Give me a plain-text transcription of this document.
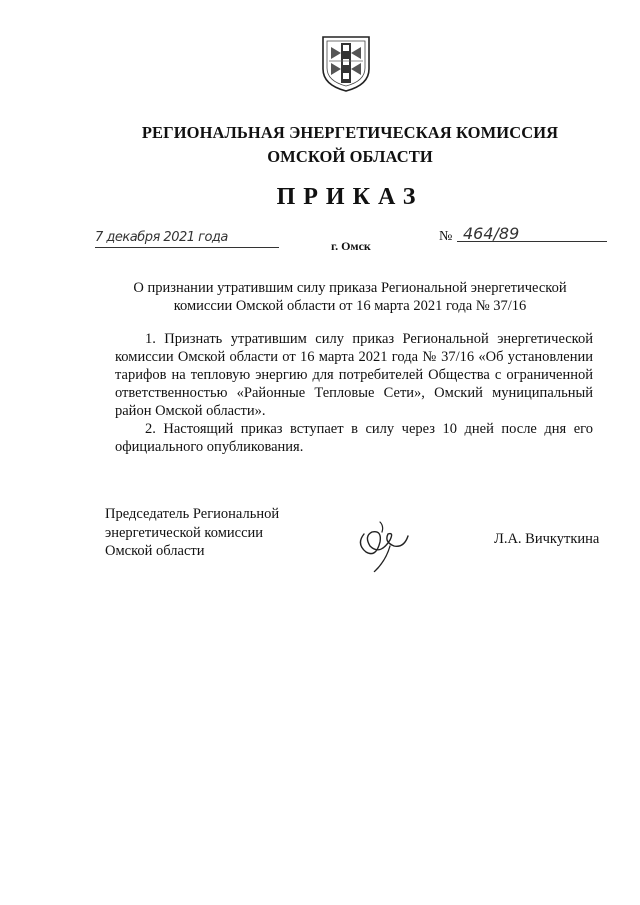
РЕГИОНАЛЬНАЯ ЭНЕРГЕТИЧЕСКАЯ КОМИССИЯ
ОМСКОЙ ОБЛАСТИ
ПРИКАЗ
7 декабря 2021 года
г. Омск
№ 464/89
О признании утратившим силу приказа Региональной энергетической
комиссии Омской области от 16 марта 2021 года № 37/16

1. Признать утратившим силу приказ Региональной энергетической комиссии Омской области от 16 марта 2021 года № 37/16 «Об установлении тарифов на тепловую энергию для потребителей Общества с ограниченной ответственностью «Районные Тепловые Сети», Омский муниципальный район Омской области».

2. Настоящий приказ вступает в силу через 10 дней после дня его официального опубликования.

Председатель Региональной
энергетической комиссии
Омской области
Л.А. Вичкуткина
